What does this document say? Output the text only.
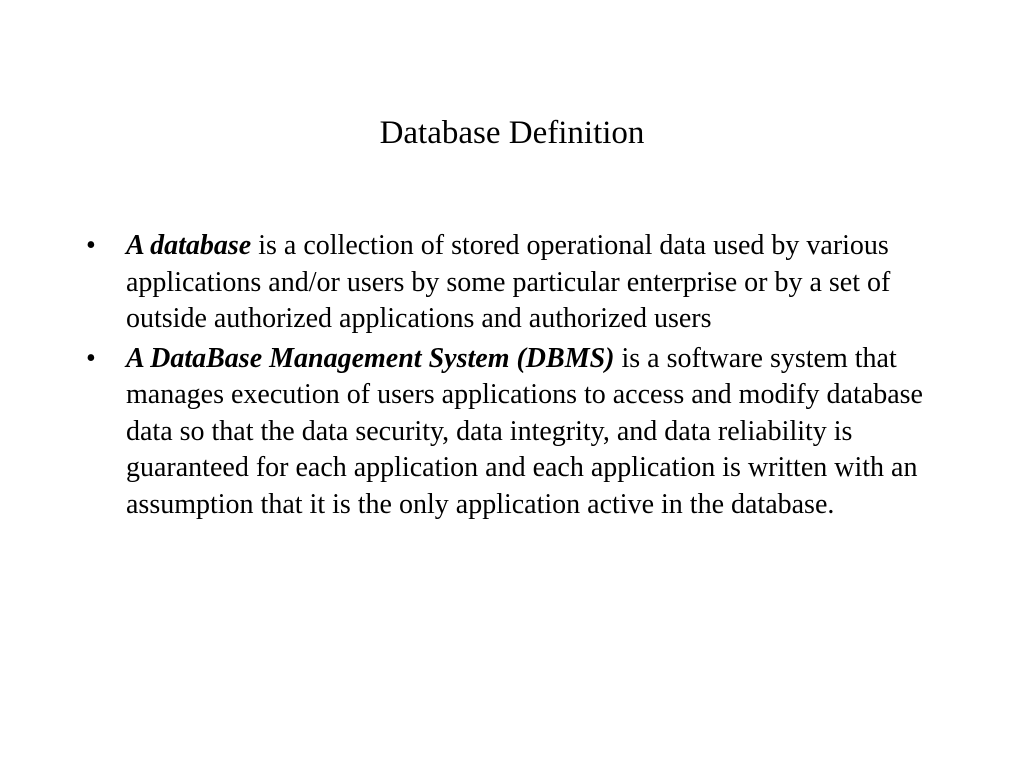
Database Definition
•	A database is a collection of stored operational data used by various applications and/or users by some particular enterprise or by a set of outside authorized applications and authorized users
•	A DataBase Management System (DBMS) is a software system that manages execution of users applications to access and modify database data so that the data security, data integrity, and data reliability is guaranteed for each application and each application is written with an assumption that it is the only application active in the database.
